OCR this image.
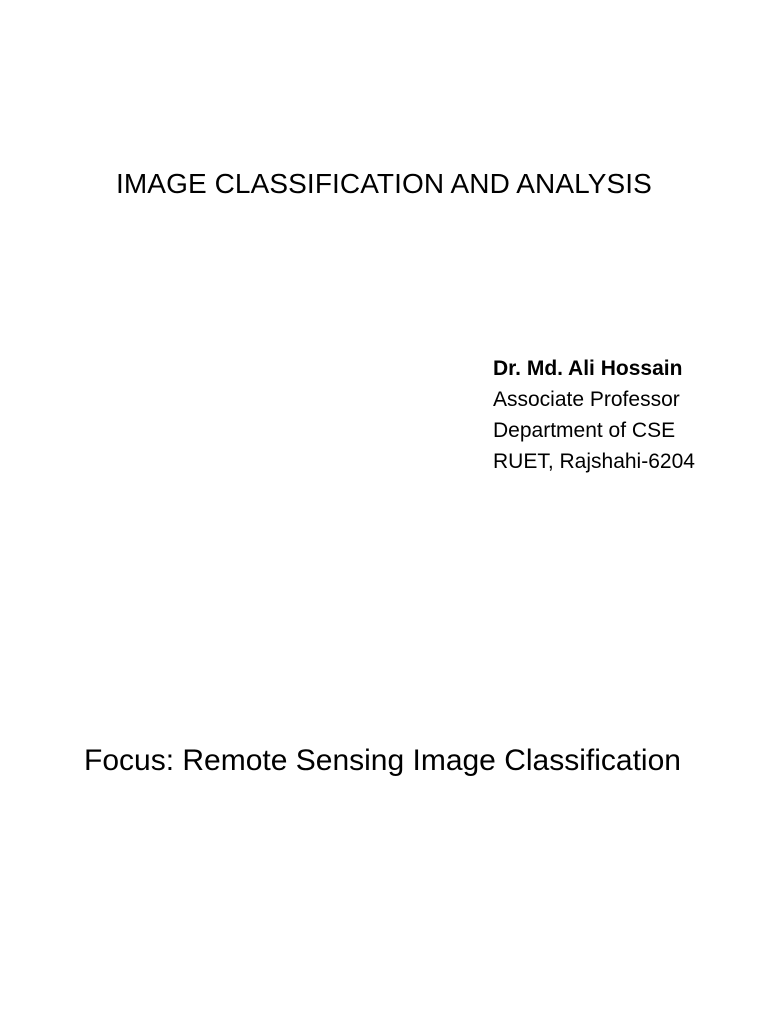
IMAGE CLASSIFICATION AND ANALYSIS
Dr. Md. Ali Hossain
Associate Professor
Department of CSE
RUET, Rajshahi-6204
Focus: Remote Sensing Image Classification
